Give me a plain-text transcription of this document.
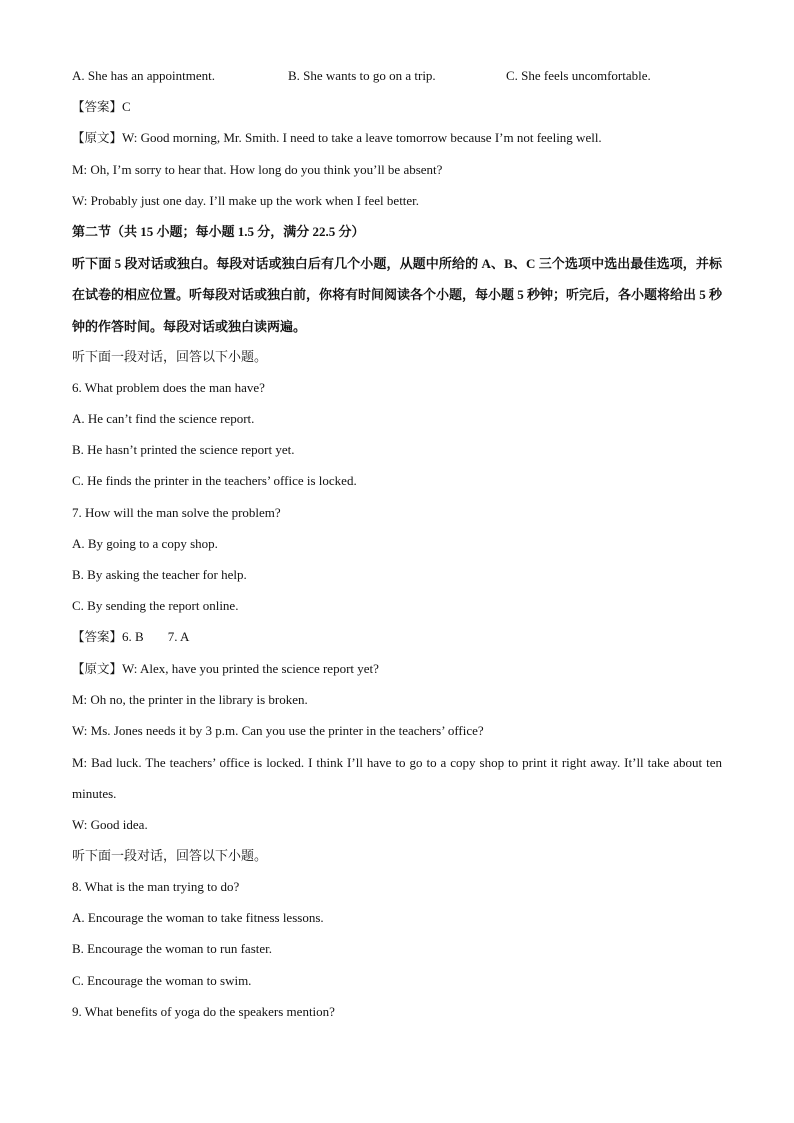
A. She has an appointment.	B. She wants to go on a trip.	C. She feels uncomfortable.
【答案】C
【原文】W: Good morning, Mr. Smith. I need to take a leave tomorrow because I’m not feeling well.
M: Oh, I’m sorry to hear that. How long do you think you’ll be absent?
W: Probably just one day. I’ll make up the work when I feel better.
第二节（共 15 小题；每小题 1.5 分，满分 22.5 分）
听下面 5 段对话或独白。每段对话或独白后有几个小题，从题中所给的 A、B、C 三个选项中选出最佳选项，并标在试卷的相应位置。听每段对话或独白前，你将有时间阅读各个小题，每小题 5 秒钟；听完后，各小题将给出 5 秒钟的作答时间。每段对话或独白读两遍。
听下面一段对话，回答以下小题。
6. What problem does the man have?
A. He can’t find the science report.
B. He hasn’t printed the science report yet.
C. He finds the printer in the teachers’ office is locked.
7. How will the man solve the problem?
A. By going to a copy shop.
B. By asking the teacher for help.
C. By sending the report online.
【答案】6. B 7. A
【原文】W: Alex, have you printed the science report yet?
M: Oh no, the printer in the library is broken.
W: Ms. Jones needs it by 3 p.m. Can you use the printer in the teachers’ office?
M: Bad luck. The teachers’ office is locked. I think I’ll have to go to a copy shop to print it right away. It’ll take about ten minutes.
W: Good idea.
听下面一段对话，回答以下小题。
8. What is the man trying to do?
A. Encourage the woman to take fitness lessons.
B. Encourage the woman to run faster.
C. Encourage the woman to swim.
9. What benefits of yoga do the speakers mention?
